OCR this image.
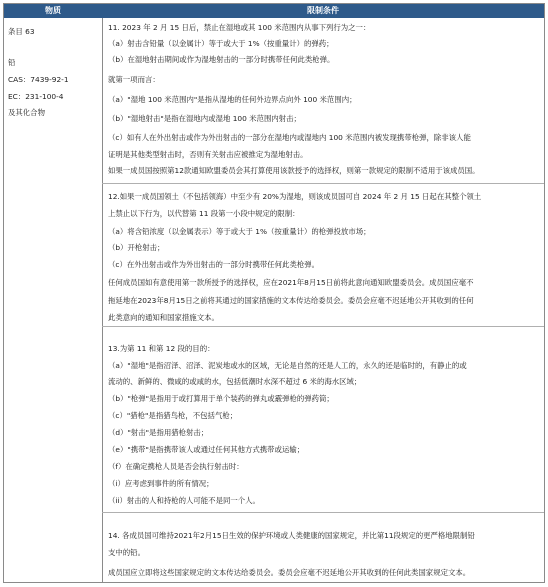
物质	限制条件
条目 63
铅
CAS：7439-92-1
EC：231-100-4
及其化合物
11. 2023 年 2 月 15 日后，禁止在湿地或其 100 米范围内从事下列行为之一：
（a）射击含铅量（以金属计）等于或大于 1%（按重量计）的弹药；
（b）在湿地射击期间或作为湿地射击的一部分时携带任何此类枪弹。
就第一项而言：
（a）"湿地 100 米范围内"是指从湿地的任何外边界点向外 100 米范围内；
（b）"湿地射击"是指在湿地内或湿地 100 米范围内射击；
（c）如有人在外出射击或作为外出射击的一部分在湿地内或湿地内 100 米范围内被发现携带枪弹，除非该人能
证明是其他类型射击时，否则有关射击应被推定为湿地射击。
如果一成员国按照第12款通知欧盟委员会其打算使用该款授予的选择权，则第一款规定的限制不适用于该成员国。
12.如果一成员国领土（不包括领海）中至少有 20%为湿地，则该成员国可自 2024 年 2 月 15 日起在其整个领土
上禁止以下行为，以代替第 11 段第一小段中规定的限制：
（a）将含铅浓度（以金属表示）等于或大于 1%（按重量计）的枪弹投放市场；
（b）开枪射击；
（c）在外出射击或作为外出射击的一部分时携带任何此类枪弹。
任何成员国如有意使用第一款所授予的选择权，应在2021年8月15日前将此意向通知欧盟委员会。成员国应毫不
拖延地在2023年8月15日之前将其通过的国家措施的文本传达给委员会。委员会应毫不迟延地公开其收到的任何
此类意向的通知和国家措施文本。
13.为第 11 和第 12 段的目的：
（a）"湿地"是指沼泽、沼泽、泥炭地或水的区域，无论是自然的还是人工的，永久的还是临时的，有静止的或
流动的、新鲜的、微咸的或咸的水，包括低潮时水深不超过 6 米的海水区域；
（b）"枪弹"是指用于或打算用于单个装药的弹丸或霰弹枪的弹药筒；
（c）"猎枪"是指猎鸟枪，不包括气枪；
（d）"射击"是指用猎枪射击；
（e）"携带"是指携带该人或通过任何其他方式携带或运输；
（f）在确定携枪人员是否会执行射击时：
（i）应考虑到事件的所有情况；
（ii）射击的人和持枪的人可能不是同一个人。
14. 各成员国可维持2021年2月15日生效的保护环境或人类健康的国家规定，并比第11段规定的更严格地限制铅
支中的铅。
成员国应立即将这些国家规定的文本传达给委员会。委员会应毫不迟延地公开其收到的任何此类国家规定文本。
